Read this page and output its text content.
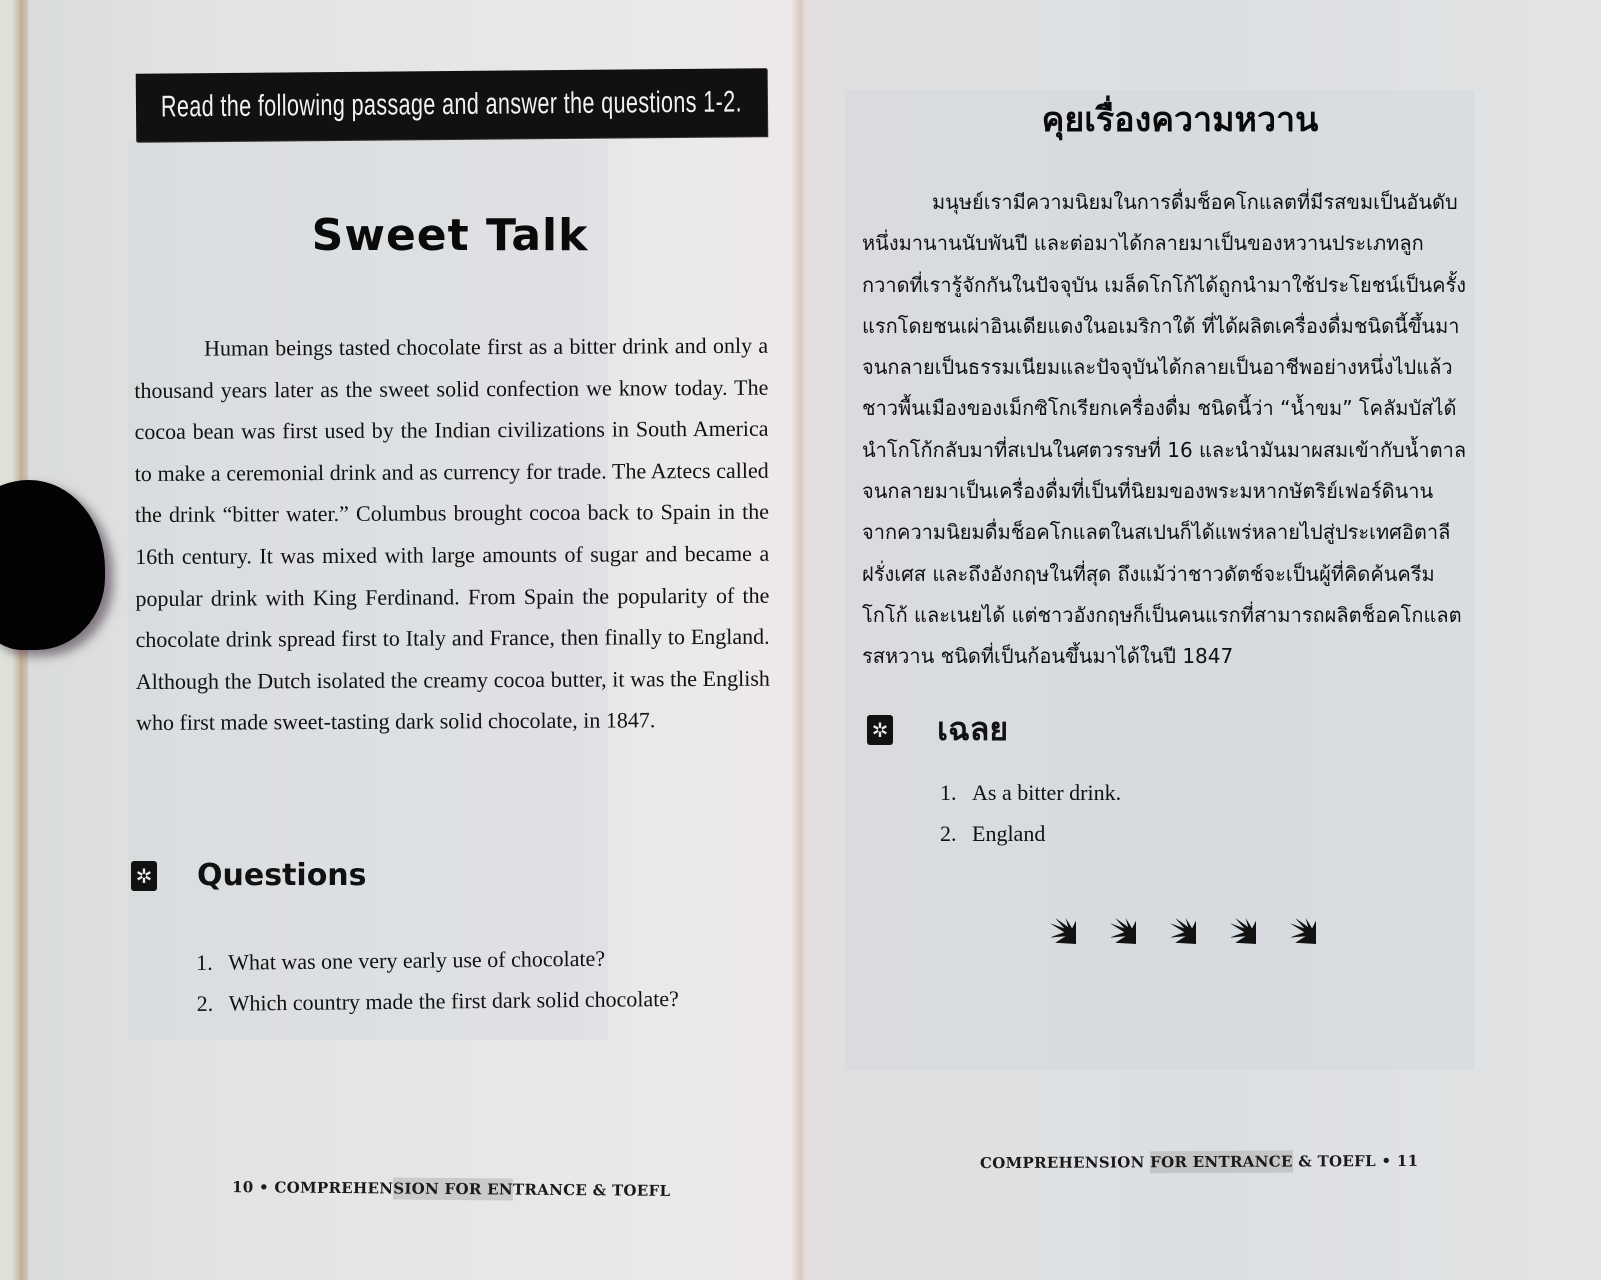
Read the following passage and answer the questions 1-2.
Sweet Talk
Human beings tasted chocolate first as a bitter drink and only a thousand years later as the sweet solid confection we know today. The cocoa bean was first used by the Indian civilizations in South America to make a ceremonial drink and as currency for trade. The Aztecs called the drink “bitter water.” Columbus brought cocoa back to Spain in the 16th century. It was mixed with large amounts of sugar and became a popular drink with King Ferdinand. From Spain the popularity of the chocolate drink spread first to Italy and France, then finally to England. Although the Dutch isolated the creamy cocoa butter, it was the English who first made sweet-tasting dark solid chocolate, in 1847.
✲ Questions
1. What was one very early use of chocolate?
2. Which country made the first dark solid chocolate?
10 • COMPREHENSION FOR ENTRANCE & TOEFL
คุยเรื่องความหวาน
มนุษย์เรามีความนิยมในการดื่มช็อคโกแลตที่มีรสขมเป็นอันดับ
หนึ่งมานานนับพันปี และต่อมาได้กลายมาเป็นของหวานประเภทลูก
กวาดที่เรารู้จักกันในปัจจุบัน เมล็ดโกโก้ได้ถูกนำมาใช้ประโยชน์เป็นครั้ง
แรกโดยชนเผ่าอินเดียแดงในอเมริกาใต้ ที่ได้ผลิตเครื่องดื่มชนิดนี้ขึ้นมา
จนกลายเป็นธรรมเนียมและปัจจุบันได้กลายเป็นอาชีพอย่างหนึ่งไปแล้ว
ชาวพื้นเมืองของเม็กซิโกเรียกเครื่องดื่ม ชนิดนี้ว่า “น้ำขม” โคลัมบัสได้
นำโกโก้กลับมาที่สเปนในศตวรรษที่ 16 และนำมันมาผสมเข้ากับน้ำตาล
จนกลายมาเป็นเครื่องดื่มที่เป็นที่นิยมของพระมหากษัตริย์เฟอร์ดินาน
จากความนิยมดื่มช็อคโกแลตในสเปนก็ได้แพร่หลายไปสู่ประเทศอิตาลี
ฝรั่งเศส และถึงอังกฤษในที่สุด ถึงแม้ว่าชาวดัตช์จะเป็นผู้ที่คิดค้นครีม
โกโก้ และเนยได้ แต่ชาวอังกฤษก็เป็นคนแรกที่สามารถผลิตช็อคโกแลต
รสหวาน ชนิดที่เป็นก้อนขึ้นมาได้ในปี 1847
✲ เฉลย
1. As a bitter drink.
2. England
COMPREHENSION FOR ENTRANCE & TOEFL • 11
